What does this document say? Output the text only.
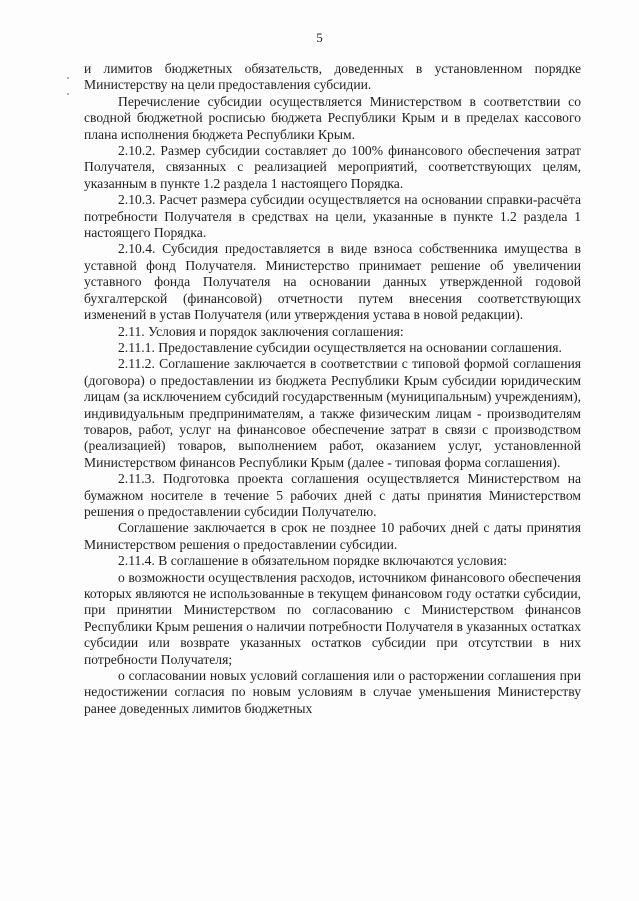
5

и лимитов бюджетных обязательств, доведенных в установленном порядке Министерству на цели предоставления субсидии.

Перечисление субсидии осуществляется Министерством в соответствии со сводной бюджетной росписью бюджета Республики Крым и в пределах кассового плана исполнения бюджета Республики Крым.

2.10.2. Размер субсидии составляет до 100% финансового обеспечения затрат Получателя, связанных с реализацией мероприятий, соответствующих целям, указанным в пункте 1.2 раздела 1 настоящего Порядка.

2.10.3. Расчет размера субсидии осуществляется на основании справки-расчёта потребности Получателя в средствах на цели, указанные в пункте 1.2 раздела 1 настоящего Порядка.

2.10.4. Субсидия предоставляется в виде взноса собственника имущества в уставной фонд Получателя. Министерство принимает решение об увеличении уставного фонда Получателя на основании данных утвержденной годовой бухгалтерской (финансовой) отчетности путем внесения соответствующих изменений в устав Получателя (или утверждения устава в новой редакции).

2.11. Условия и порядок заключения соглашения:

2.11.1. Предоставление субсидии осуществляется на основании соглашения.

2.11.2. Соглашение заключается в соответствии с типовой формой соглашения (договора) о предоставлении из бюджета Республики Крым субсидии юридическим лицам (за исключением субсидий государственным (муниципальным) учреждениям), индивидуальным предпринимателям, а также физическим лицам - производителям товаров, работ, услуг на финансовое обеспечение затрат в связи с производством (реализацией) товаров, выполнением работ, оказанием услуг, установленной Министерством финансов Республики Крым (далее - типовая форма соглашения).

2.11.3. Подготовка проекта соглашения осуществляется Министерством на бумажном носителе в течение 5 рабочих дней с даты принятия Министерством решения о предоставлении субсидии Получателю.

Соглашение заключается в срок не позднее 10 рабочих дней с даты принятия Министерством решения о предоставлении субсидии.

2.11.4. В соглашение в обязательном порядке включаются условия:

о возможности осуществления расходов, источником финансового обеспечения которых являются не использованные в текущем финансовом году остатки субсидии, при принятии Министерством по согласованию с Министерством финансов Республики Крым решения о наличии потребности Получателя в указанных остатках субсидии или возврате указанных остатков субсидии при отсутствии в них потребности Получателя;

о согласовании новых условий соглашения или о расторжении соглашения при недостижении согласия по новым условиям в случае уменьшения Министерству ранее доведенных лимитов бюджетных
